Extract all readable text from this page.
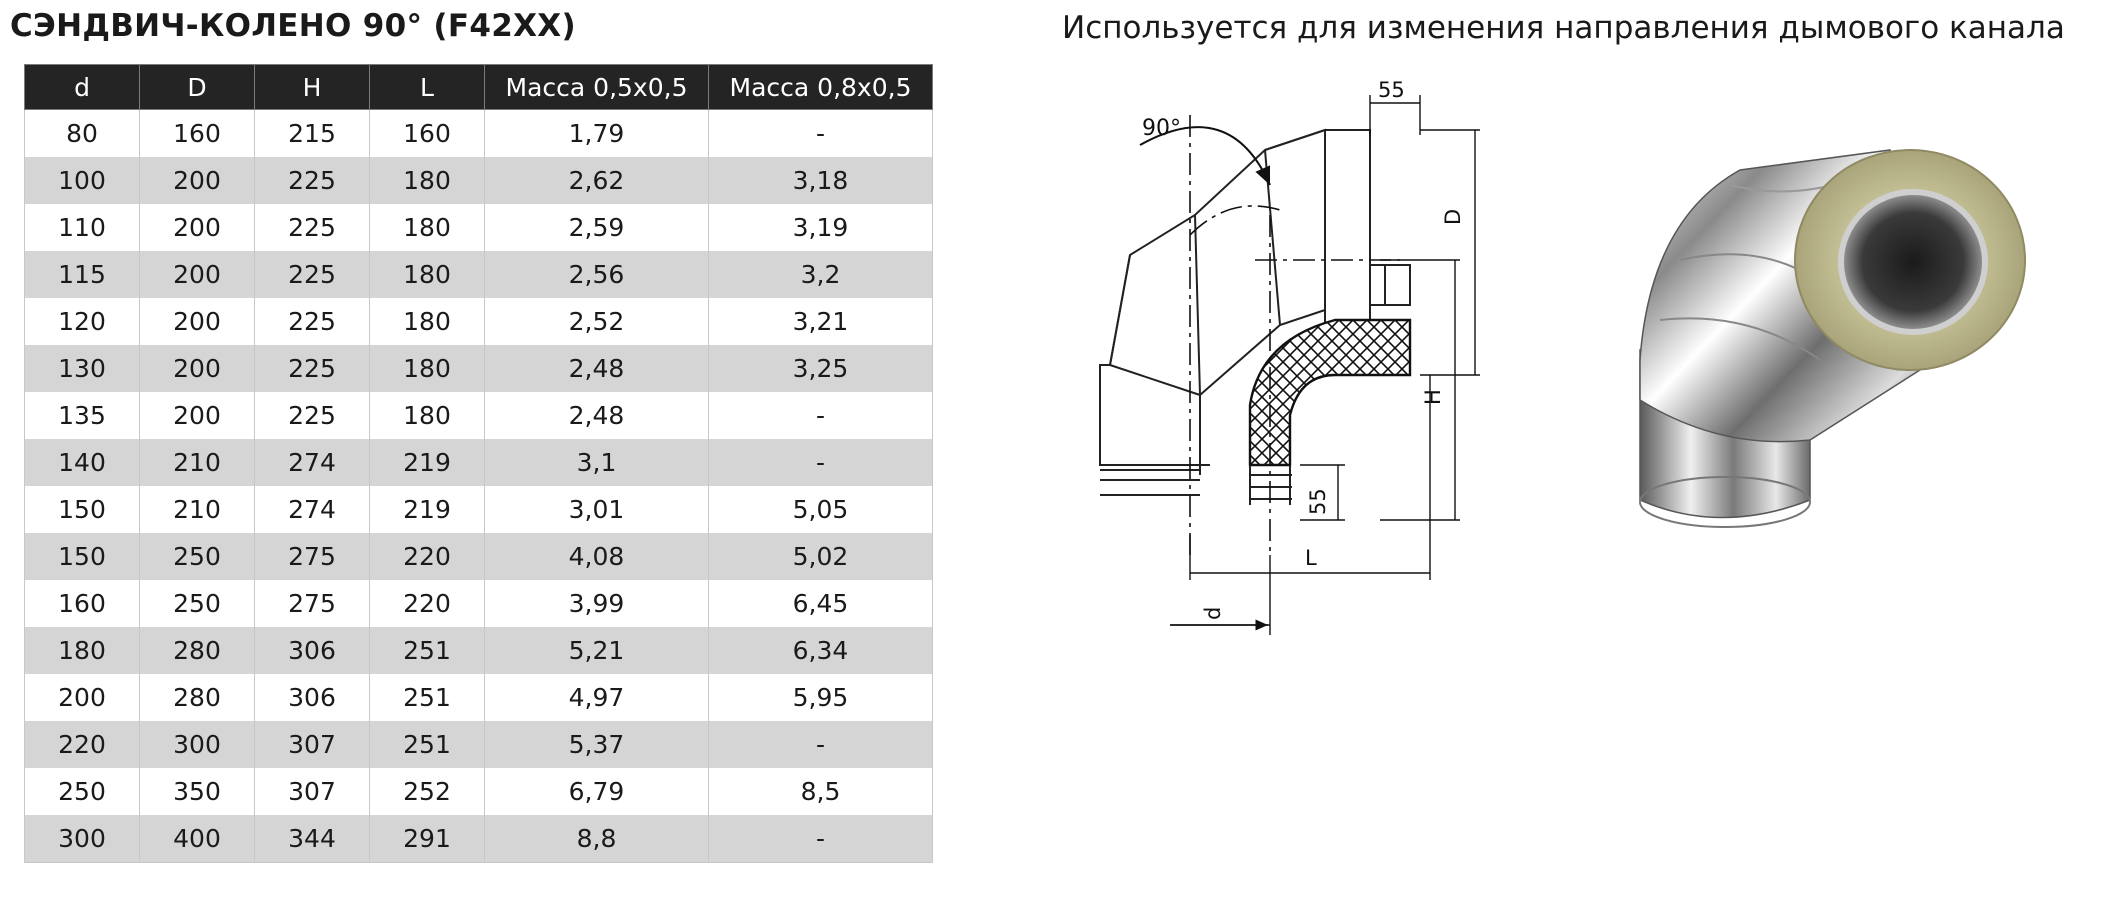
СЭНДВИЧ-КОЛЕНО 90° (F42XX)	Используется для изменения направления дымового канала
d	D	H	L	Масса 0,5x0,5	Масса 0,8x0,5
80	160	215	160	1,79	-
100	200	225	180	2,62	3,18
110	200	225	180	2,59	3,19
115	200	225	180	2,56	3,2
120	200	225	180	2,52	3,21
130	200	225	180	2,48	3,25
135	200	225	180	2,48	-
140	210	274	219	3,1	-
150	210	274	219	3,01	5,05
150	250	275	220	4,08	5,02
160	250	275	220	3,99	6,45
180	280	306	251	5,21	6,34
200	280	306	251	4,97	5,95
220	300	307	251	5,37	-
250	350	307	252	6,79	8,5
300	400	344	291	8,8	-
90°
55
D
H
55
L
d
